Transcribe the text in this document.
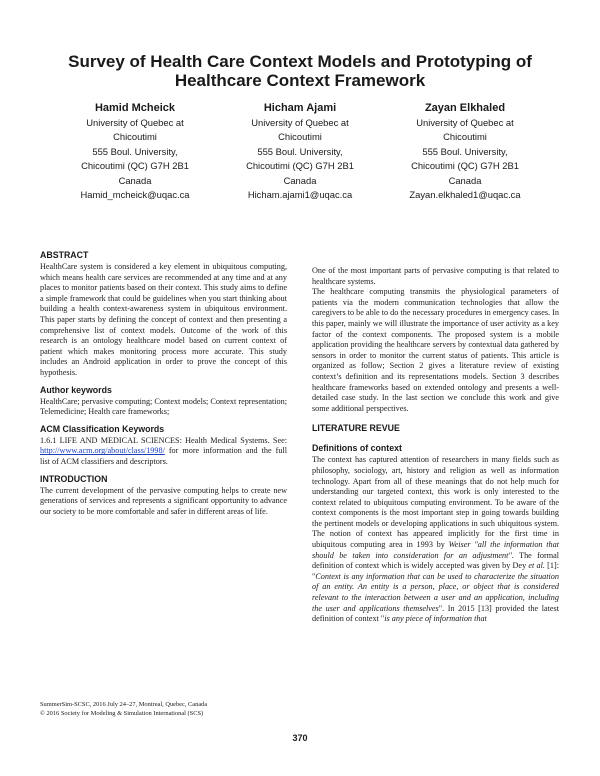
Survey of Health Care Context Models and Prototyping of
Healthcare Context Framework
Hamid Mcheick
University of Quebec at
Chicoutimi
555 Boul. University,
Chicoutimi (QC) G7H 2B1
Canada
Hamid_mcheick@uqac.ca
Hicham Ajami
University of Quebec at
Chicoutimi
555 Boul. University,
Chicoutimi (QC) G7H 2B1
Canada
Hicham.ajami1@uqac.ca
Zayan Elkhaled
University of Quebec at
Chicoutimi
555 Boul. University,
Chicoutimi (QC) G7H 2B1
Canada
Zayan.elkhaled1@uqac.ca
ABSTRACT
HealthCare system is considered a key element in ubiquitous computing, which means health care services are recommended at any time and at any places to monitor patients based on their context. This study aims to define a simple framework that could be guidelines when you start thinking about building a health context-awareness system in ubiquitous environment. This paper starts by defining the concept of context and then presenting a comprehensive list of context models. Outcome of the work of this research is an ontology healthcare model based on current context of patient which makes monitoring process more accurate. This study includes an Android application in order to prove the concept of this hypothesis.
Author keywords
HealthCare; pervasive computing; Context models; Context representation; Telemedicine; Health care frameworks;
ACM Classification Keywords
1.6.1 LIFE AND MEDICAL SCIENCES: Health Medical Systems. See: http://www.acm.org/about/class/1998/ for more information and the full list of ACM classifiers and descriptors.
INTRODUCTION
The current development of the pervasive computing helps to create new generations of services and represents a significant opportunity to advance our society to be more comfortable and safer in different areas of life.
SummerSim-SCSC, 2016 July 24–27, Montreal, Quebec, Canada
© 2016 Society for Modeling & Simulation International (SCS)
One of the most important parts of pervasive computing is that related to healthcare systems.
The healthcare computing transmits the physiological parameters of patients via the modern communication technologies that allow the caregivers to be able to do the necessary procedures in emergency cases. In this paper, mainly we will illustrate the importance of user activity as a key factor of the context components. The proposed system is a mobile application providing the healthcare servers by contextual data gathered by sensors in order to monitor the current status of patients. This article is organized as follow; Section 2 gives a literature review of existing context’s definition and its representations models. Section 3 describes healthcare frameworks based on extended ontology and presents a well-detailed case study. In the last section we conclude this work and give some additional perspectives.
LITERATURE REVUE
Definitions of context
The context has captured attention of researchers in many fields such as philosophy, sociology, art, history and religion as well as information technology. Apart from all of these meanings that do not help much for understanding our targeted context, this work is only interested to the context related to ubiquitous computing environment. To be aware of the context components is the most important step in going towards building the pertinent models or developing applications in such ubiquitous system. The notion of context has appeared implicitly for the first time in ubiquitous computing area in 1993 by Weiser "all the information that should be taken into consideration for an adjustment". The formal definition of context which is widely accepted was given by Dey et al. [1]: "Context is any information that can be used to characterize the situation of an entity. An entity is a person, place, or object that is considered relevant to the interaction between a user and an application, including the user and applications themselves". In 2015 [13] provided the latest definition of context "is any piece of information that
370
